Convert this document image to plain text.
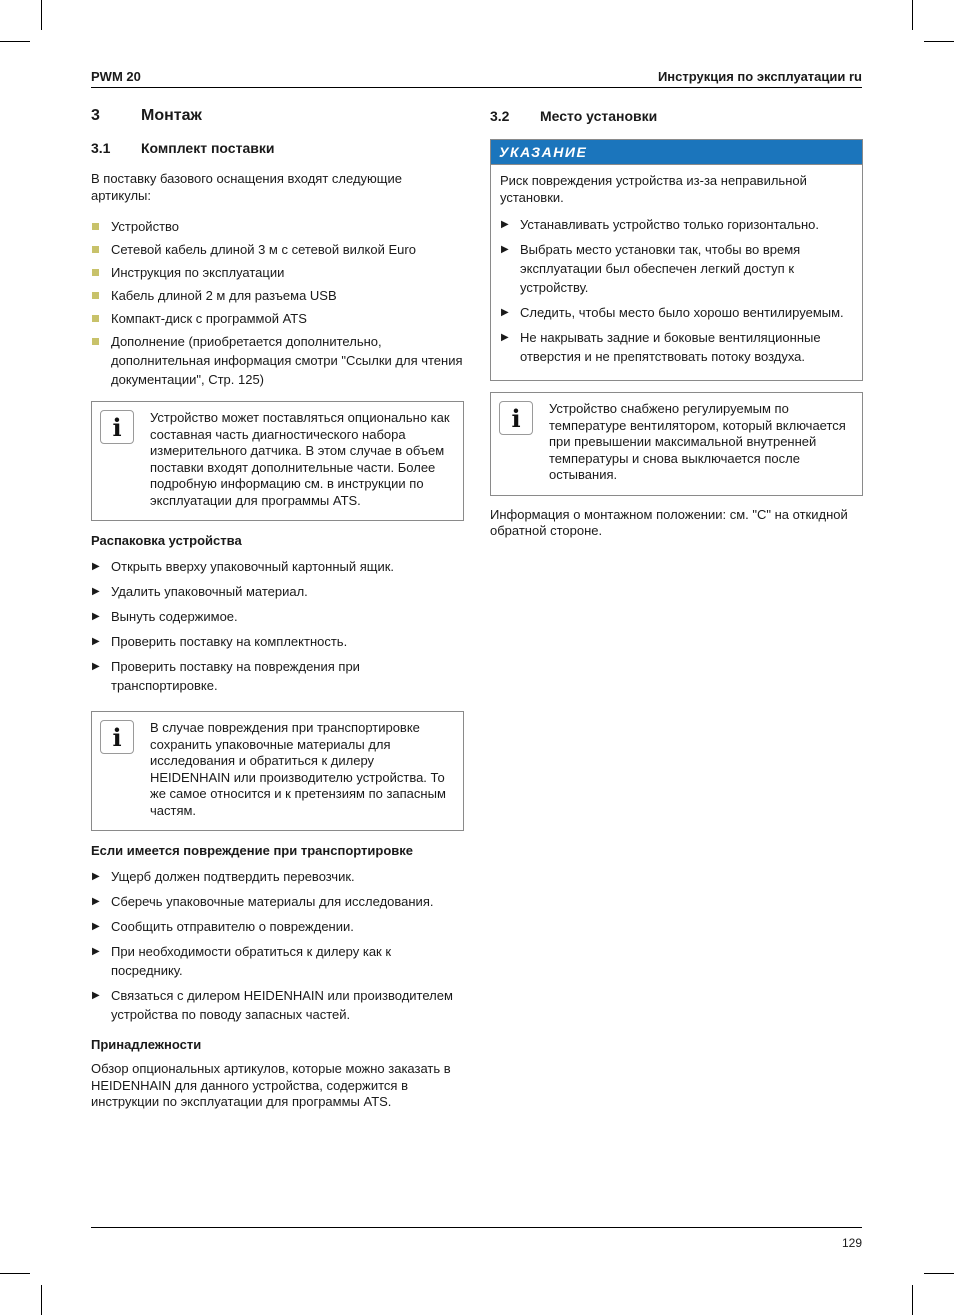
PWM 20	Инструкция по эксплуатации ru
3	Монтаж
3.1	Комплект поставки

В поставку базового оснащения входят следующие артикулы:

Устройство
Сетевой кабель длиной 3 м с сетевой вилкой Euro
Инструкция по эксплуатации
Кабель длиной 2 м для разъема USB
Компакт-диск с программой ATS
Дополнение (приобретается дополнительно, дополнительная информация смотри "Ссылки для чтения документации", Стр. 125)
i	Устройство может поставляться опционально как составная часть диагностического набора измерительного датчика. В этом случае в объем поставки входят дополнительные части. Более подробную информацию см. в инструкции по эксплуатации для программы ATS.
Распаковка устройства
▶ Открыть вверху упаковочный картонный ящик.
▶ Удалить упаковочный материал.
▶ Вынуть содержимое.
▶ Проверить поставку на комплектность.
▶ Проверить поставку на повреждения при транспортировке.
i	В случае повреждения при транспортировке сохранить упаковочные материалы для исследования и обратиться к дилеру HEIDENHAIN или производителю устройства. То же самое относится и к претензиям по запасным частям.
Если имеется повреждение при транспортировке
▶ Ущерб должен подтвердить перевозчик.
▶ Сберечь упаковочные материалы для исследования.
▶ Сообщить отправителю о повреждении.
▶ При необходимости обратиться к дилеру как к посреднику.
▶ Связаться с дилером HEIDENHAIN или производителем устройства по поводу запасных частей.
Принадлежности

Обзор опциональных артикулов, которые можно заказать в HEIDENHAIN для данного устройства, содержится в инструкции по эксплуатации для программы ATS.

3.2	Место установки
УКАЗАНИЕ

Риск повреждения устройства из-за неправильной установки.

▶ Устанавливать устройство только горизонтально.
▶ Выбрать место установки так, чтобы во время эксплуатации был обеспечен легкий доступ к устройству.
▶ Следить, чтобы место было хорошо вентилируемым.
▶ Не накрывать задние и боковые вентиляционные отверстия и не препятствовать потоку воздуха.
i	Устройство снабжено регулируемым по температуре вентилятором, который включается при превышении максимальной внутренней температуры и снова выключается после остывания.

Информация о монтажном положении: см. "C" на откидной обратной стороне.

129
